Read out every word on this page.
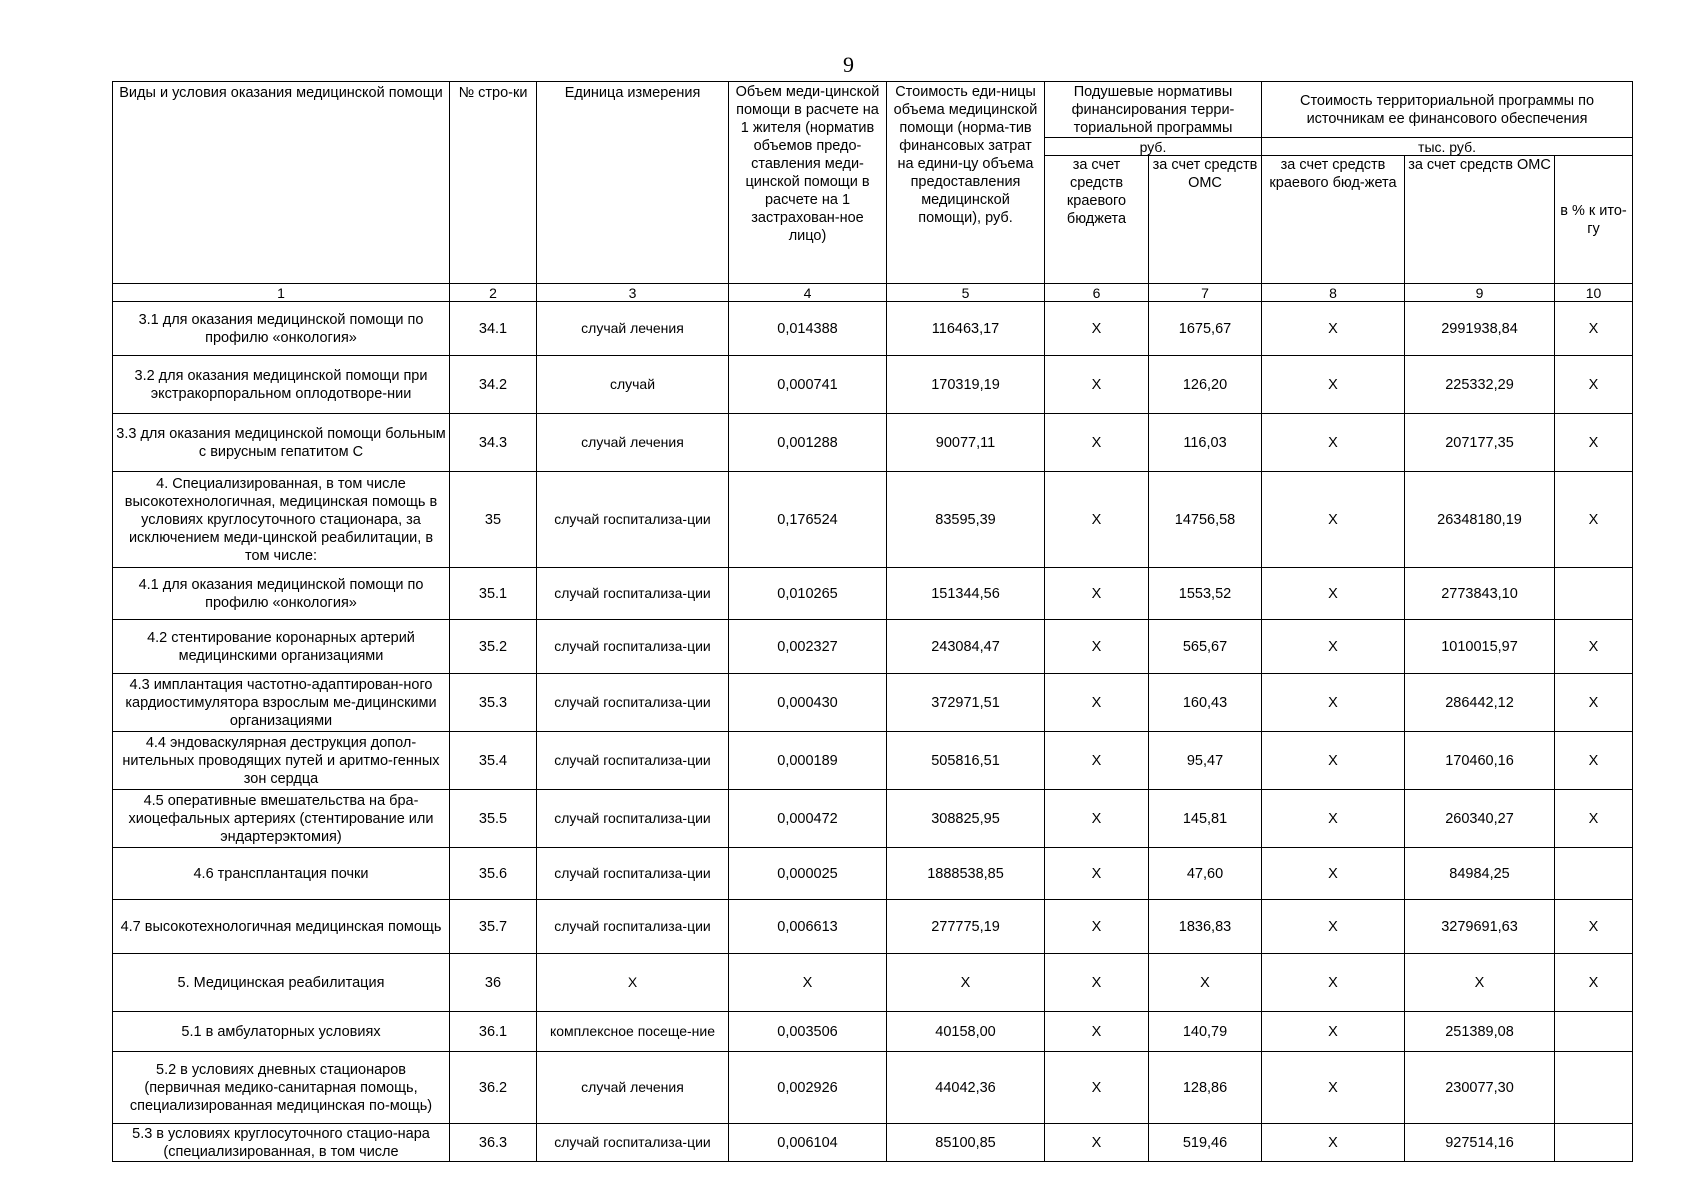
9
Виды и условия оказания медицинской помощи	№ стро-ки	Единица измерения	Объем меди-цинской помощи в расчете на 1 жителя (норматив объемов предо-ставления меди-цинской помощи в расчете на 1 застрахован-ное лицо)	Стоимость еди-ницы объема медицинской помощи (норма-тив финансовых затрат на едини-цу объема предоставления медицинской помощи), руб.	Подушевые нормативы финансирования терри-ториальной программы		Стоимость территориальной программы по источникам ее финансового обеспечения		
					руб.		тыс. руб.		
					за счет средств краевого бюджета	за счет средств ОМС	за счет средств краевого бюд-жета	за счет средств ОМС	в % к ито-гу
1	2	3	4	5	6	7	8	9	10
3.1 для оказания медицинской помощи по профилю «онкология»	34.1	случай лечения	0,014388	116463,17	X	1675,67	X	2991938,84	X
3.2 для оказания медицинской помощи при экстракорпоральном оплодотворе-нии	34.2	случай	0,000741	170319,19	X	126,20	X	225332,29	X
3.3 для оказания медицинской помощи больным с вирусным гепатитом С	34.3	случай лечения	0,001288	90077,11	X	116,03	X	207177,35	X
4. Специализированная, в том числе высокотехнологичная, медицинская помощь в условиях круглосуточного стационара, за исключением меди-цинской реабилитации, в том числе:	35	случай госпитализа-ции	0,176524	83595,39	X	14756,58	X	26348180,19	X
4.1 для оказания медицинской помощи по профилю «онкология»	35.1	случай госпитализа-ции	0,010265	151344,56	X	1553,52	X	2773843,10	
4.2 стентирование коронарных артерий медицинскими организациями	35.2	случай госпитализа-ции	0,002327	243084,47	X	565,67	X	1010015,97	X
4.3 имплантация частотно-адаптирован-ного кардиостимулятора взрослым ме-дицинскими организациями	35.3	случай госпитализа-ции	0,000430	372971,51	X	160,43	X	286442,12	X
4.4 эндоваскулярная деструкция допол-нительных проводящих путей и аритмо-генных зон сердца	35.4	случай госпитализа-ции	0,000189	505816,51	X	95,47	X	170460,16	X
4.5 оперативные вмешательства на бра-хиоцефальных артериях (стентирование или эндартерэктомия)	35.5	случай госпитализа-ции	0,000472	308825,95	X	145,81	X	260340,27	X
4.6 трансплантация почки	35.6	случай госпитализа-ции	0,000025	1888538,85	X	47,60	X	84984,25	
4.7 высокотехнологичная медицинская помощь	35.7	случай госпитализа-ции	0,006613	277775,19	X	1836,83	X	3279691,63	X
5. Медицинская реабилитация	36	X	X	X	X	X	X	X	X
5.1 в амбулаторных условиях	36.1	комплексное посеще-ние	0,003506	40158,00	X	140,79	X	251389,08	
5.2 в условиях дневных стационаров (первичная медико-санитарная помощь, специализированная медицинская по-мощь)	36.2	случай лечения	0,002926	44042,36	X	128,86	X	230077,30	
5.3 в условиях круглосуточного стацио-нара (специализированная, в том числе	36.3	случай госпитализа-ции	0,006104	85100,85	X	519,46	X	927514,16	
